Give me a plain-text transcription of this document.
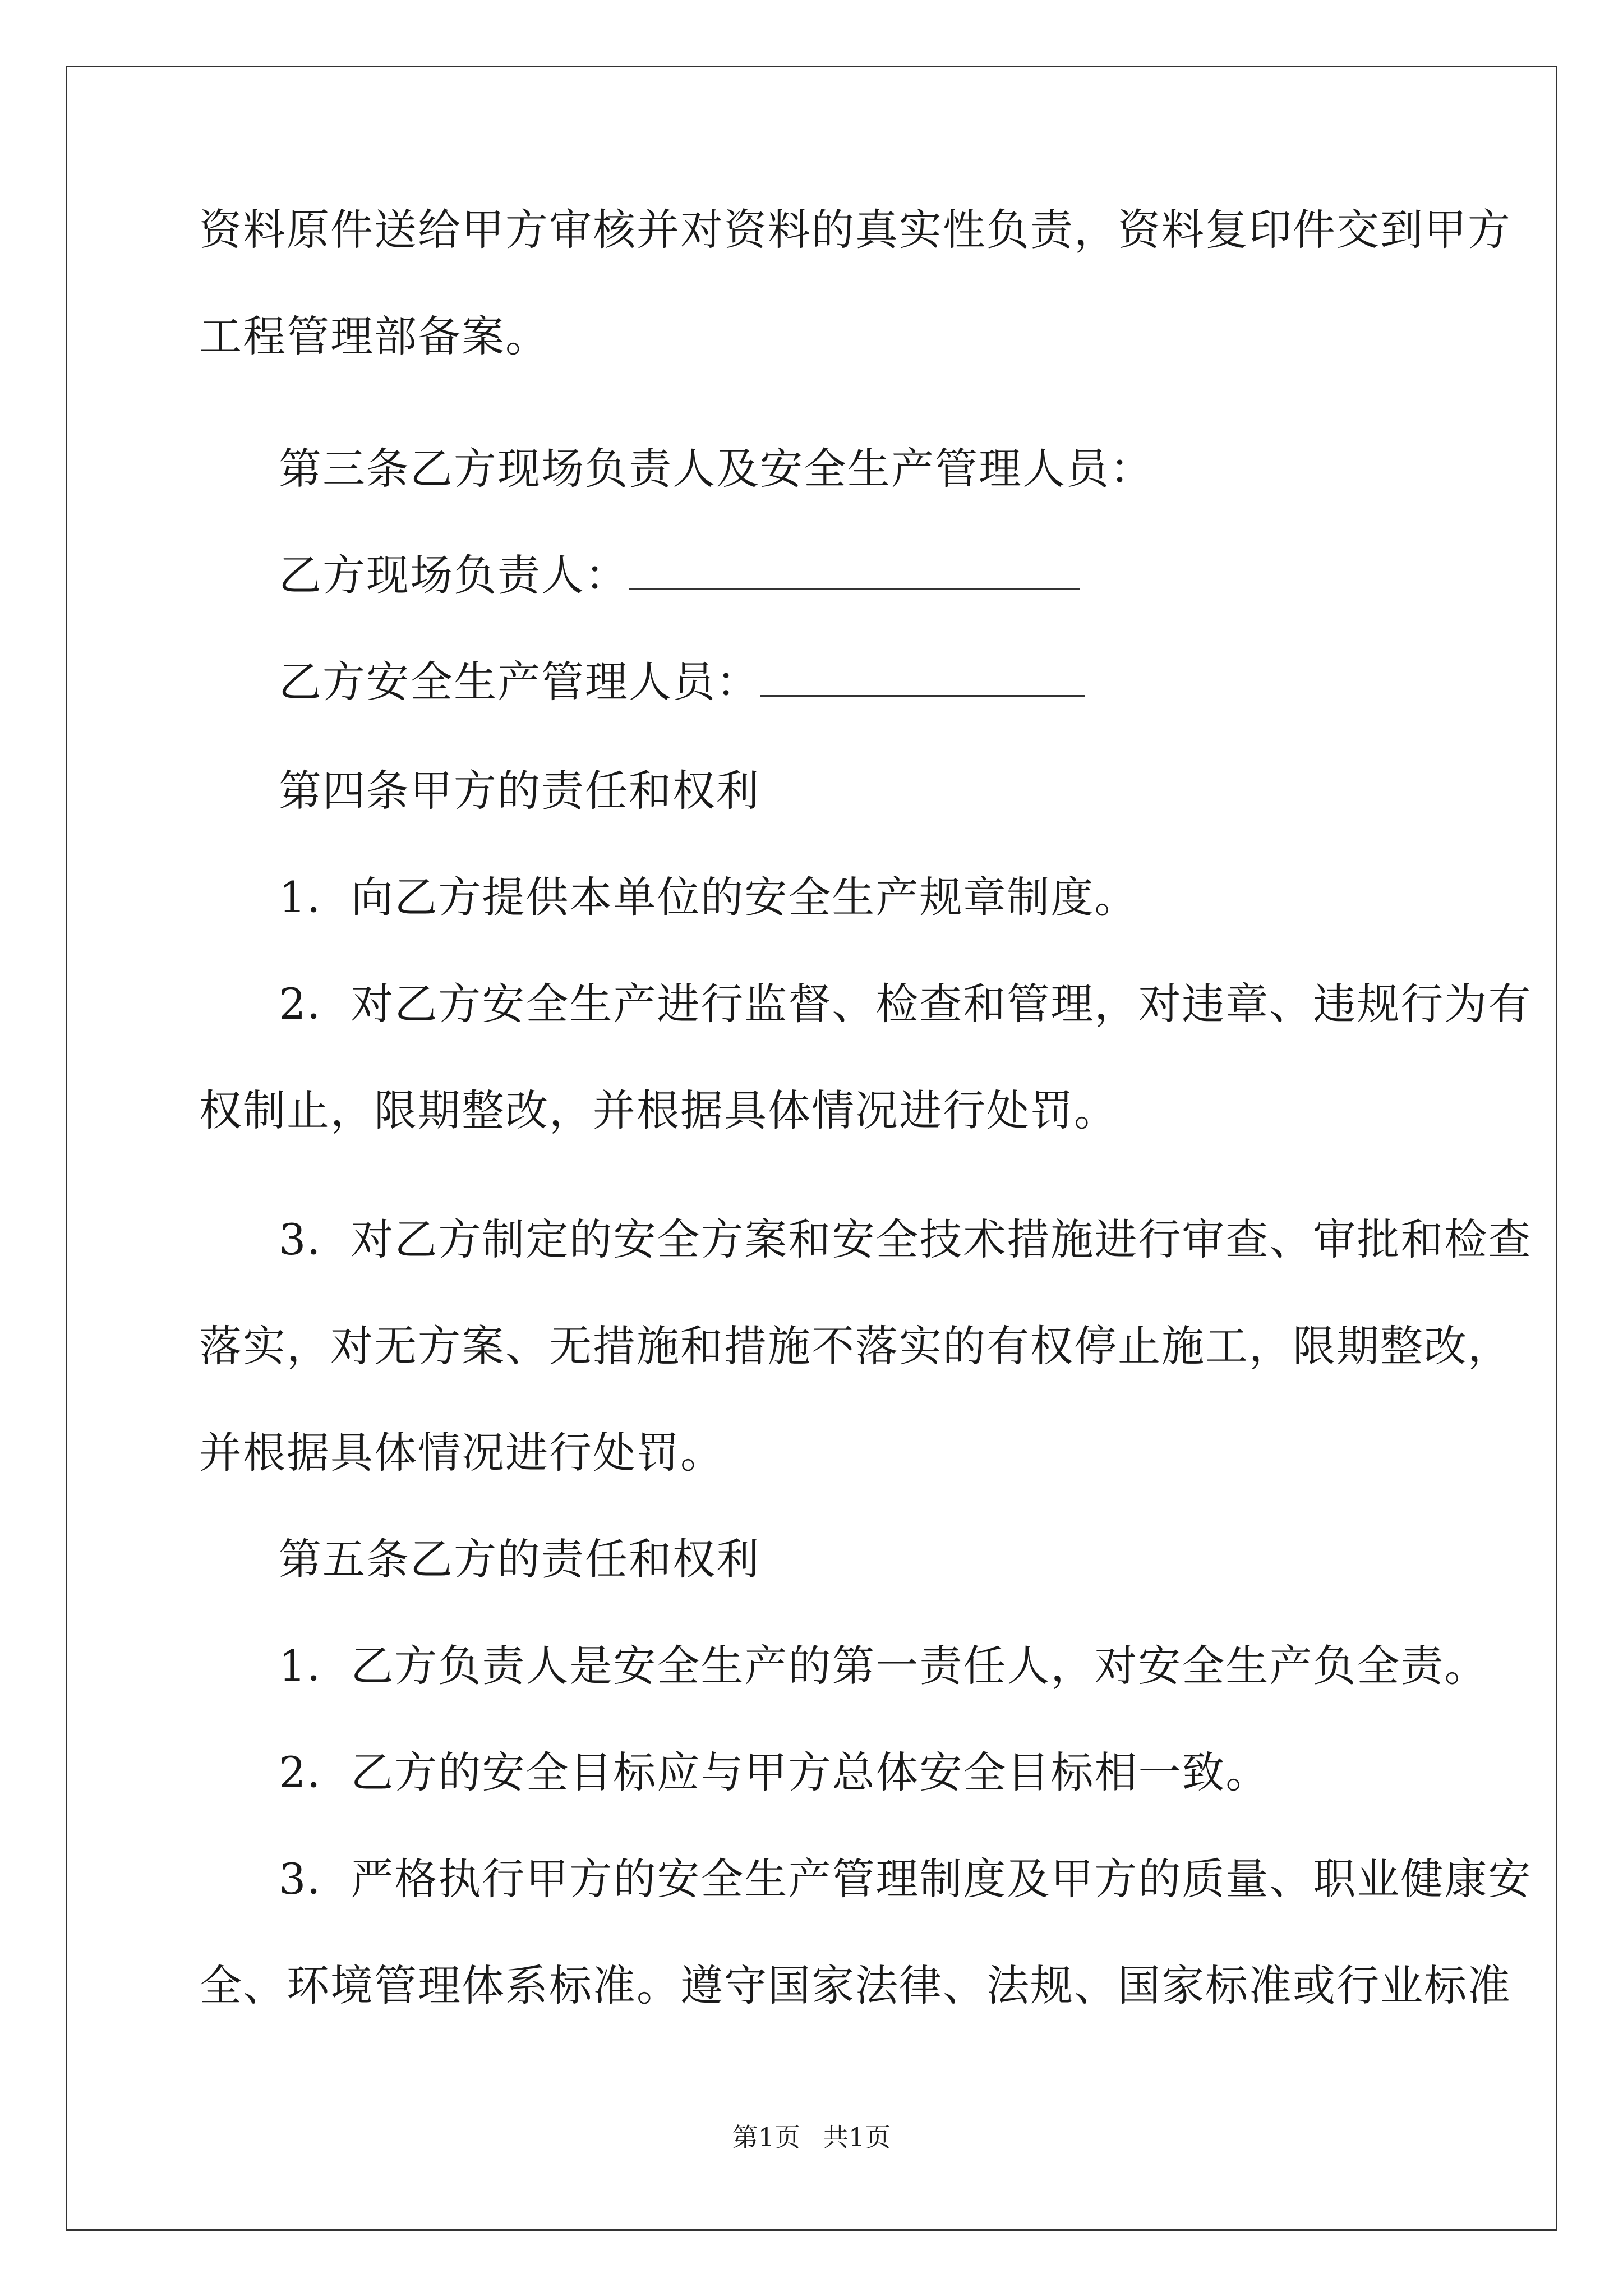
资料原件送给甲方审核并对资料的真实性负责，资料复印件交到甲方
工程管理部备案。
第三条乙方现场负责人及安全生产管理人员：
乙方现场负责人：
乙方安全生产管理人员：
第四条甲方的责任和权利
1．向乙方提供本单位的安全生产规章制度。
2．对乙方安全生产进行监督、检查和管理，对违章、违规行为有
权制止，限期整改，并根据具体情况进行处罚。
3．对乙方制定的安全方案和安全技术措施进行审查、审批和检查
落实，对无方案、无措施和措施不落实的有权停止施工，限期整改，
并根据具体情况进行处罚。
第五条乙方的责任和权利
1．乙方负责人是安全生产的第一责任人，对安全生产负全责。
2．乙方的安全目标应与甲方总体安全目标相一致。
3．严格执行甲方的安全生产管理制度及甲方的质量、职业健康安
全、环境管理体系标准。遵守国家法律、法规、国家标准或行业标准
第1页 共1页
